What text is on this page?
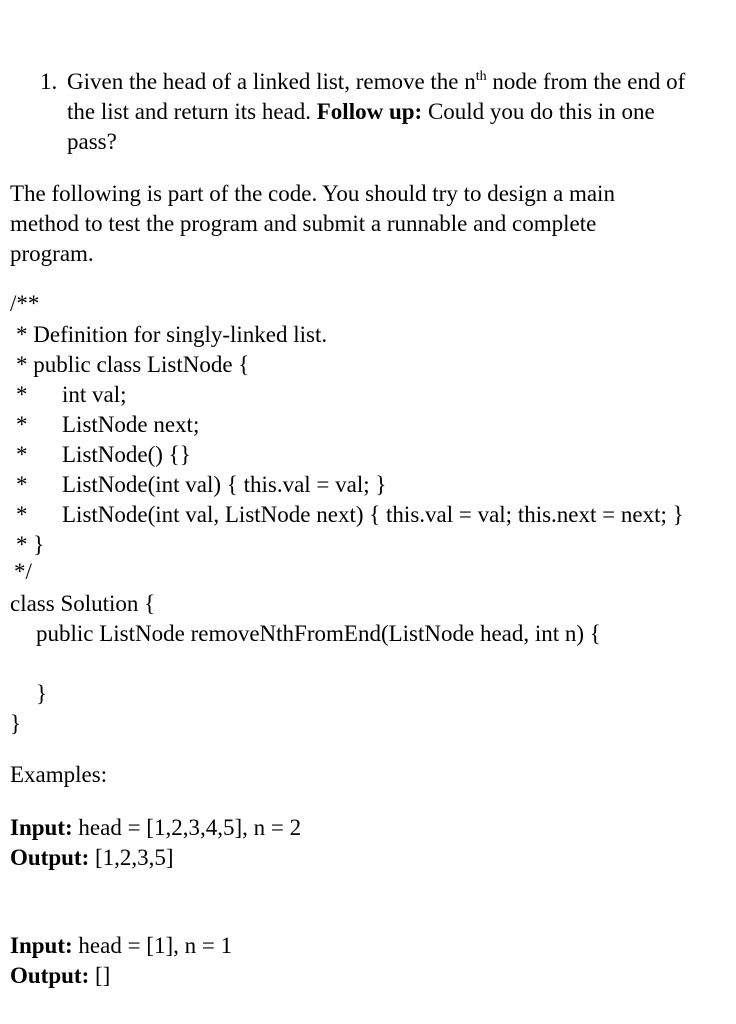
1. Given the head of a linked list, remove the $n^{th}$ node from the end of
the list and return its head. Follow up: Could you do this in one
pass?
The following is part of the code. You should try to design a main
method to test the program and submit a runnable and complete
program.
/**
* Definition for singly-linked list.
* public class ListNode {
* int val;
* ListNode next;
* ListNode() {}
* ListNode(int val) { this.val = val; }
* ListNode(int val, ListNode next) { this.val = val; this.next = next; }
* }
*/
class Solution {
public ListNode removeNthFromEnd(ListNode head, int n) {
}
}
Examples:
Input: head = [1,2,3,4,5], n = 2
Output: [1,2,3,5]
Input: head = [1], n = 1
Output: []
